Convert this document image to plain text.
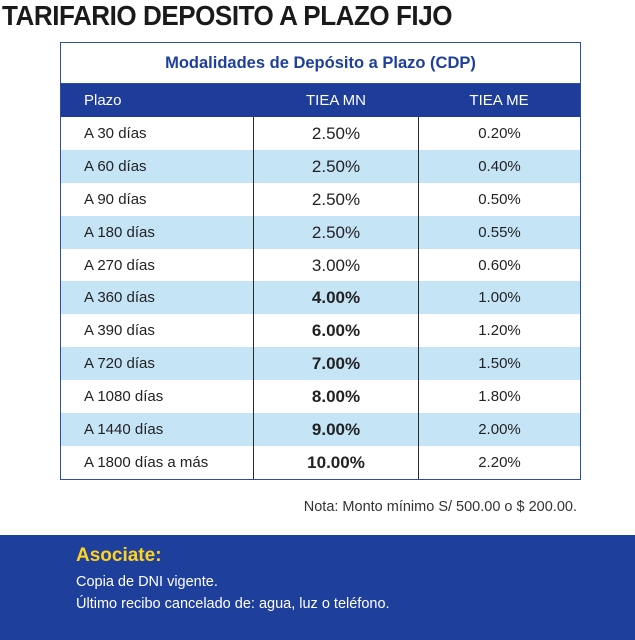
TARIFARIO DEPOSITO A PLAZO FIJO
Modalidades de Depósito a Plazo (CDP)
Plazo	TIEA MN	TIEA ME
A 30 días	2.50%	0.20%
A 60 días	2.50%	0.40%
A 90 días	2.50%	0.50%
A 180 días	2.50%	0.55%
A 270 días	3.00%	0.60%
A 360 días	4.00%	1.00%
A 390 días	6.00%	1.20%
A 720 días	7.00%	1.50%
A 1080 días	8.00%	1.80%
A 1440 días	9.00%	2.00%
A 1800 días a más	10.00%	2.20%
Nota: Monto mínimo S/ 500.00 o $ 200.00.
Asociate:
Copia de DNI vigente.
Último recibo cancelado de: agua, luz o teléfono.
